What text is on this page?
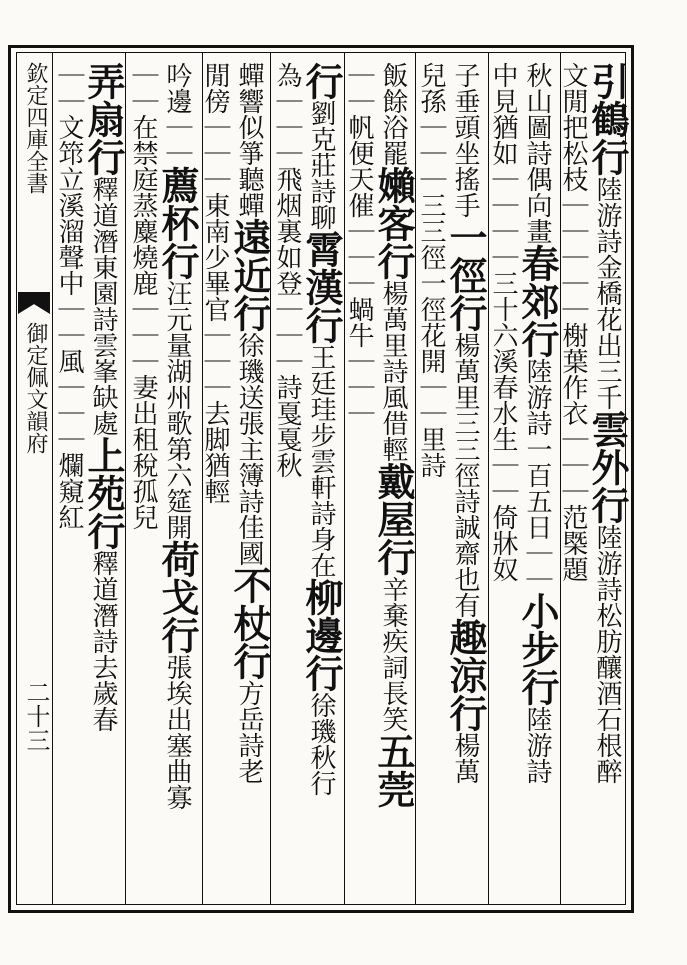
欽定四庫全書
御定佩文韻府
二十三
引鶴行陸游詩金橋花出三千雲外行陸游詩松肪釀酒石根醉
文閒把松枝｜｜｜｜｜榭葉作衣｜｜｜范㮣題
秋山圖詩偶向畫春郊行陸游詩一百五日｜｜小步行陸游詩
中見猶如｜｜｜｜三十六溪春水生｜｜倚牀奴
子垂頭坐搖手一徑行楊萬里三三徑詩誠齋也有趣涼行楊萬
兒孫｜｜｜三三徑一徑花開｜｜里詩
飯餘浴罷嬾客行楊萬里詩風借輕戴屋行辛棄疾詞長笑五莞
｜｜帆便天催｜｜｜蝸牛｜｜｜
行劉克莊詩聊霄漢行王廷珪步雲軒詩身在柳邊行徐璣秋行
為｜｜｜飛烟裏如登｜｜｜詩戛戛秋
蟬響似箏聽蟬遠近行徐璣送張主簿詩佳國不杖行方岳詩老
閒傍｜｜｜東南少畢官｜｜｜去脚猶輕
吟邊｜｜薦杯行汪元量湖州歌第六筵開荷戈行張埃出塞曲寡
｜｜在禁庭蒸麋燒鹿｜｜｜妻出租稅孤兒
弄扇行釋道潛東園詩雲峯缺處上苑行釋道潛詩去歲春
｜｜文筇立溪溜聲中｜｜風｜｜｜爛窺紅
